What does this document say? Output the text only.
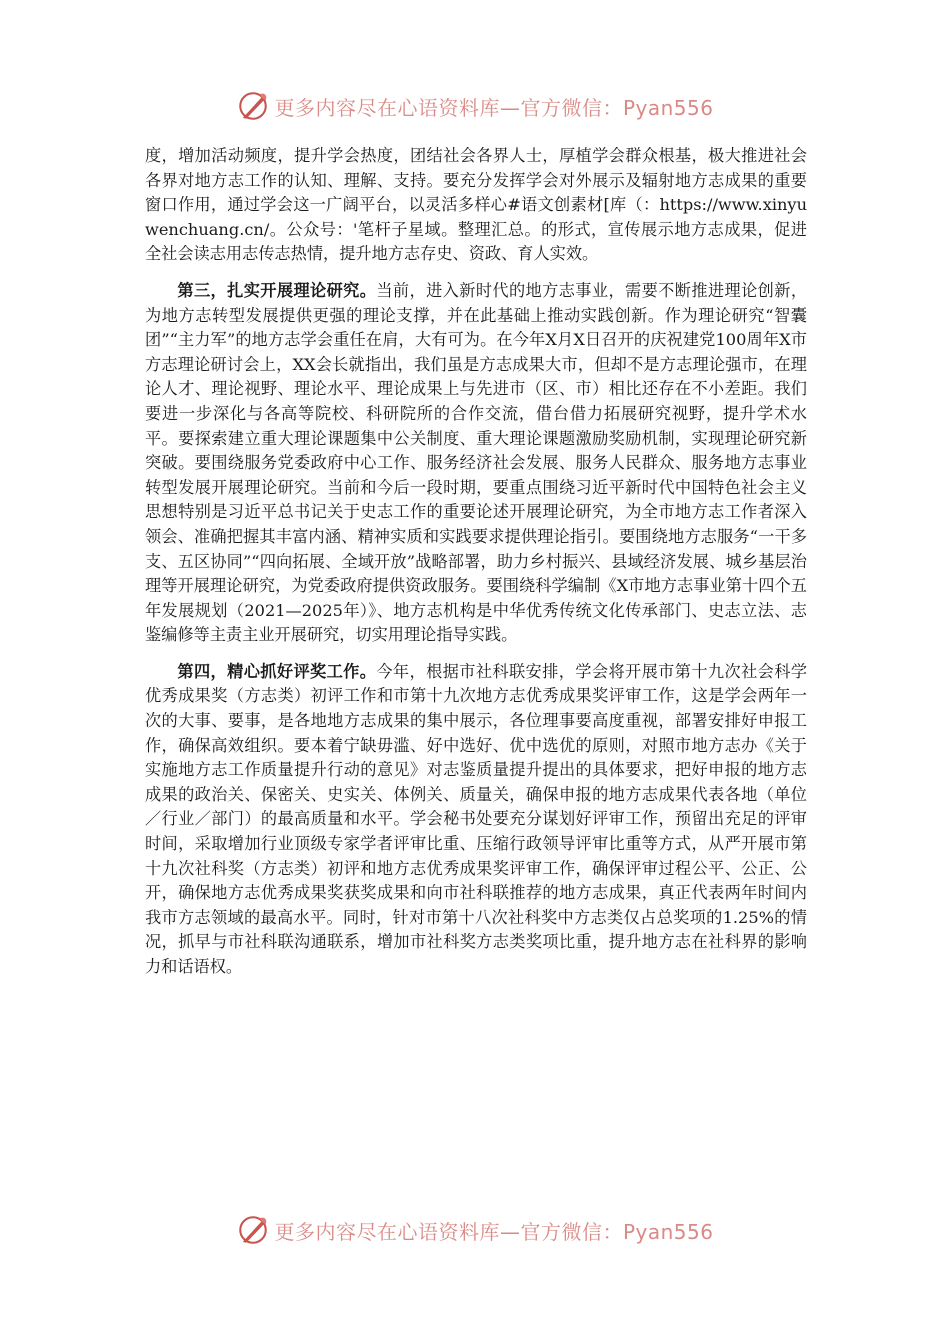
更多内容尽在心语资料库—官方微信：Pyan556

度，增加活动频度，提升学会热度，团结社会各界人士，厚植学会群众根基，极大推进社会各界对地方志工作的认知、理解、支持。要充分发挥学会对外展示及辐射地方志成果的重要窗口作用，通过学会这一广阔平台，以灵活多样心#语文创素材[库（：https://www.xinyuwenchuang.cn/。公众号：'笔杆子星域。整理汇总。的形式，宣传展示地方志成果，促进全社会读志用志传志热情，提升地方志存史、资政、育人实效。

第三，扎实开展理论研究。当前，进入新时代的地方志事业，需要不断推进理论创新，为地方志转型发展提供更强的理论支撑，并在此基础上推动实践创新。作为理论研究“智囊团”“主力军”的地方志学会重任在肩，大有可为。在今年X月X日召开的庆祝建党100周年X市方志理论研讨会上，XX会长就指出，我们虽是方志成果大市，但却不是方志理论强市，在理论人才、理论视野、理论水平、理论成果上与先进市（区、市）相比还存在不小差距。我们要进一步深化与各高等院校、科研院所的合作交流，借台借力拓展研究视野，提升学术水平。要探索建立重大理论课题集中公关制度、重大理论课题激励奖励机制，实现理论研究新突破。要围绕服务党委政府中心工作、服务经济社会发展、服务人民群众、服务地方志事业转型发展开展理论研究。当前和今后一段时期，要重点围绕习近平新时代中国特色社会主义思想特别是习近平总书记关于史志工作的重要论述开展理论研究，为全市地方志工作者深入领会、准确把握其丰富内涵、精神实质和实践要求提供理论指引。要围绕地方志服务“一干多支、五区协同”“四向拓展、全域开放”战略部署，助力乡村振兴、县域经济发展、城乡基层治理等开展理论研究，为党委政府提供资政服务。要围绕科学编制《X市地方志事业第十四个五年发展规划（2021—2025年）》、地方志机构是中华优秀传统文化传承部门、史志立法、志鉴编修等主责主业开展研究，切实用理论指导实践。

第四，精心抓好评奖工作。今年，根据市社科联安排，学会将开展市第十九次社会科学优秀成果奖（方志类）初评工作和市第十九次地方志优秀成果奖评审工作，这是学会两年一次的大事、要事，是各地地方志成果的集中展示，各位理事要高度重视，部署安排好申报工作，确保高效组织。要本着宁缺毋滥、好中选好、优中选优的原则，对照市地方志办《关于实施地方志工作质量提升行动的意见》对志鉴质量提升提出的具体要求，把好申报的地方志成果的政治关、保密关、史实关、体例关、质量关，确保申报的地方志成果代表各地（单位／行业／部门）的最高质量和水平。学会秘书处要充分谋划好评审工作，预留出充足的评审时间，采取增加行业顶级专家学者评审比重、压缩行政领导评审比重等方式，从严开展市第十九次社科奖（方志类）初评和地方志优秀成果奖评审工作，确保评审过程公平、公正、公开，确保地方志优秀成果奖获奖成果和向市社科联推荐的地方志成果，真正代表两年时间内我市方志领域的最高水平。同时，针对市第十八次社科奖中方志类仅占总奖项的1.25%的情况，抓早与市社科联沟通联系，增加市社科奖方志类奖项比重，提升地方志在社科界的影响力和话语权。

更多内容尽在心语资料库—官方微信：Pyan556
